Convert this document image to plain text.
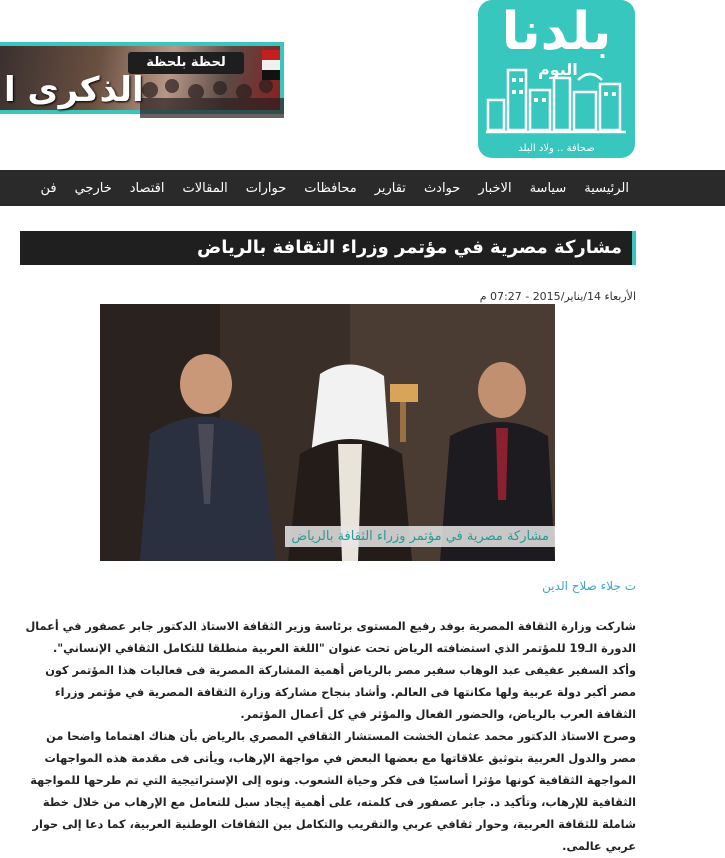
بلدنا
اليوم
صحافة .. ولاد البلد
لحظة بلحظة
الذكرى ا
الرئيسية
سياسة
الاخبار
حوادث
تقارير
محافظات
حوارات
المقالات
اقتصاد
خارجي
فن
مشاركة مصرية في مؤتمر وزراء الثقافة بالرياض
الأربعاء 14/يناير/2015 - 07:27 م
مشاركة مصرية في مؤتمر وزراء الثقافة بالرياض
ت جلاء صلاح الدين

شاركت وزارة الثقافة المصرية بوفد رفيع المستوى برئاسة وزير الثقافة الاستاذ الدكتور جابر عصفور في أعمال الدورة الـ19 للمؤتمر الذي استضافته الرياض تحت عنوان "اللغة العربية منطلقا للتكامل الثقافي الإنساني".

وأكد السفير عفيفى عبد الوهاب سفير مصر بالرياض أهمية المشاركة المصرية فى فعاليات هذا المؤتمر كون مصر أكبر دولة عربية ولها مكانتها فى العالم. وأشاد بنجاح مشاركة وزارة الثقافة المصرية في مؤتمر وزراء الثقافة العرب بالرياض، والحضور الفعال والمؤثر في كل أعمال المؤتمر.

وصرح الاستاذ الدكتور محمد عثمان الخشت المستشار الثقافي المصري بالرياض بأن هناك اهتماما واضحا من مصر والدول العربية بتوثيق علاقاتها مع بعضها البعض في مواجهة الإرهاب، ويأتى فى مقدمة هذه المواجهات المواجهة الثقافية كونها مؤثرا أساسيًا فى فكر وحياة الشعوب. ونوه إلى الإستراتيجية التي تم طرحها للمواجهة الثقافية للإرهاب، وتأكيد د. جابر عصفور فى كلمته، على أهمية إيجاد سبل للتعامل مع الإرهاب من خلال خطة شاملة للثقافة العربية، وحوار ثقافي عربي والتقريب والتكامل بين الثقافات الوطنية العربية، كما دعا إلى حوار عربي عالمى.
